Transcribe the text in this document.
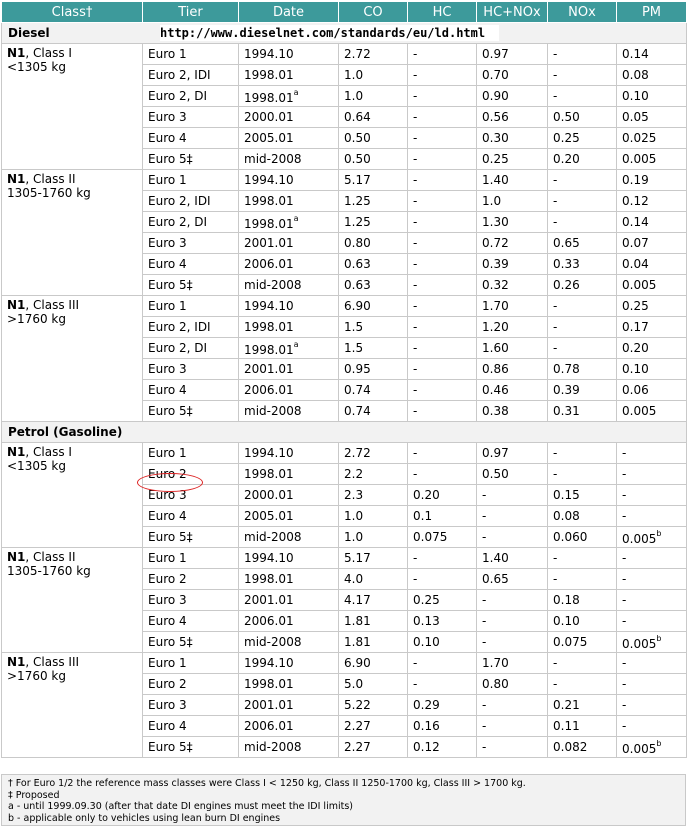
Class†	Tier	Date	CO	HC	HC+NOx	NOx	PM
Diesel							
N1, Class I
<1305 kg	Euro 1	1994.10	2.72	-	0.97	-	0.14
	Euro 2, IDI	1998.01	1.0	-	0.70	-	0.08
	Euro 2, DI	1998.01$^a$	1.0	-	0.90	-	0.10
	Euro 3	2000.01	0.64	-	0.56	0.50	0.05
	Euro 4	2005.01	0.50	-	0.30	0.25	0.025
	Euro 5‡	mid-2008	0.50	-	0.25	0.20	0.005
N1, Class II
1305-1760 kg	Euro 1	1994.10	5.17	-	1.40	-	0.19
	Euro 2, IDI	1998.01	1.25	-	1.0	-	0.12
	Euro 2, DI	1998.01$^a$	1.25	-	1.30	-	0.14
	Euro 3	2001.01	0.80	-	0.72	0.65	0.07
	Euro 4	2006.01	0.63	-	0.39	0.33	0.04
	Euro 5‡	mid-2008	0.63	-	0.32	0.26	0.005
N1, Class III
>1760 kg	Euro 1	1994.10	6.90	-	1.70	-	0.25
	Euro 2, IDI	1998.01	1.5	-	1.20	-	0.17
	Euro 2, DI	1998.01$^a$	1.5	-	1.60	-	0.20
	Euro 3	2001.01	0.95	-	0.86	0.78	0.10
	Euro 4	2006.01	0.74	-	0.46	0.39	0.06
	Euro 5‡	mid-2008	0.74	-	0.38	0.31	0.005
Petrol (Gasoline)							
N1, Class I
<1305 kg	Euro 1	1994.10	2.72	-	0.97	-	-
	Euro 2	1998.01	2.2	-	0.50	-	-
	Euro 3	2000.01	2.3	0.20	-	0.15	-
	Euro 4	2005.01	1.0	0.1	-	0.08	-
	Euro 5‡	mid-2008	1.0	0.075	-	0.060	0.005$^b$
N1, Class II
1305-1760 kg	Euro 1	1994.10	5.17	-	1.40	-	-
	Euro 2	1998.01	4.0	-	0.65	-	-
	Euro 3	2001.01	4.17	0.25	-	0.18	-
	Euro 4	2006.01	1.81	0.13	-	0.10	-
	Euro 5‡	mid-2008	1.81	0.10	-	0.075	0.005$^b$
N1, Class III
>1760 kg	Euro 1	1994.10	6.90	-	1.70	-	-
	Euro 2	1998.01	5.0	-	0.80	-	-
	Euro 3	2001.01	5.22	0.29	-	0.21	-
	Euro 4	2006.01	2.27	0.16	-	0.11	-
	Euro 5‡	mid-2008	2.27	0.12	-	0.082	0.005$^b$
http://www.dieselnet.com/standards/eu/ld.html
† For Euro 1/2 the reference mass classes were Class I < 1250 kg, Class II 1250-1700 kg, Class III > 1700 kg.
‡ Proposed
a - until 1999.09.30 (after that date DI engines must meet the IDI limits)
b - applicable only to vehicles using lean burn DI engines
